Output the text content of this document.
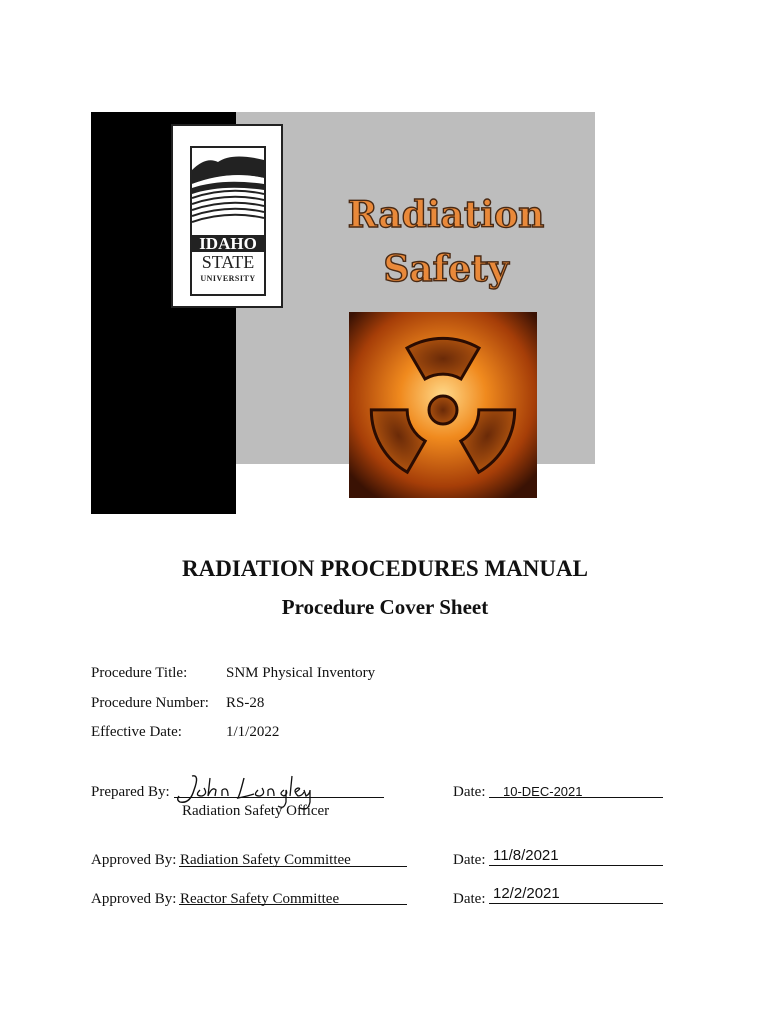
IDAHO
STATE
UNIVERSITY
Radiation
Safety
RADIATION PROCEDURES MANUAL
Procedure Cover Sheet
Procedure Title:	SNM Physical Inventory
Procedure Number: RS-28
Effective Date:	1/1/2022
Prepared By:
John Longley
Radiation Safety Officer
Date: 10-DEC-2021
Approved By: Radiation Safety Committee	Date: 11/8/2021
Approved By: Reactor Safety Committee	Date: 12/2/2021
